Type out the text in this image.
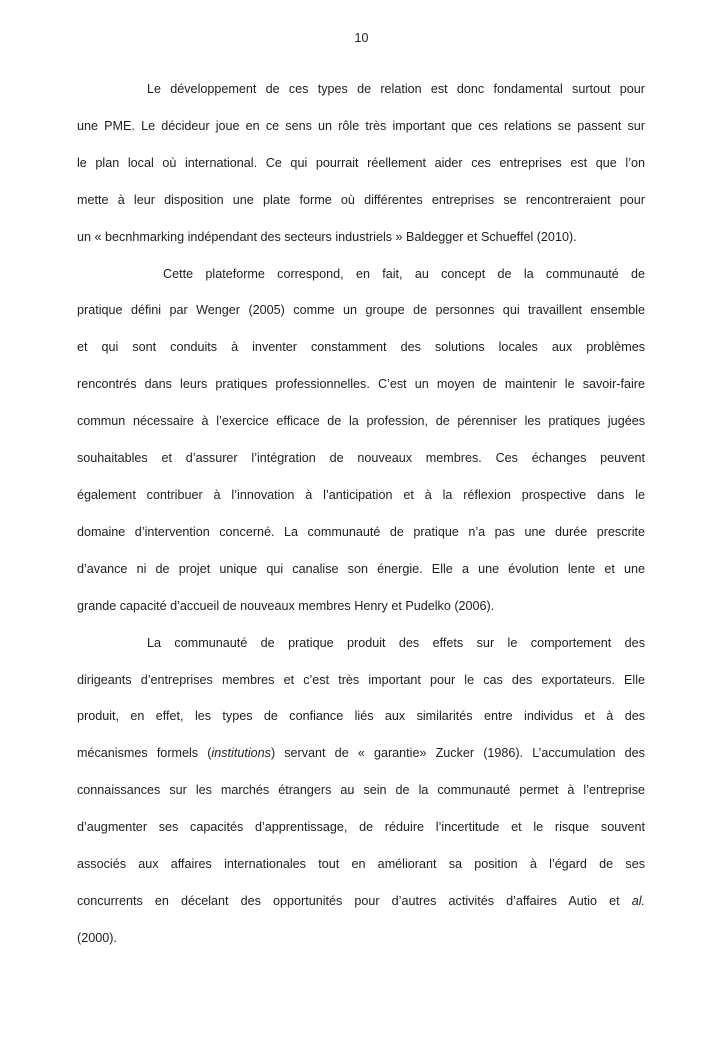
10

Le développement de ces types de relation est donc fondamental surtout pour
une PME. Le décideur joue en ce sens un rôle très important que ces relations se passent sur
le plan local où international. Ce qui pourrait réellement aider ces entreprises est que l’on
mette à leur disposition une plate forme où différentes entreprises se rencontreraient pour
un « becnhmarking indépendant des secteurs industriels » Baldegger et Schueffel (2010).

Cette plateforme correspond, en fait, au concept de la communauté de
pratique défini par Wenger (2005) comme un groupe de personnes qui travaillent ensemble
et qui sont conduits à inventer constamment des solutions locales aux problèmes
rencontrés dans leurs pratiques professionnelles. C’est un moyen de maintenir le savoir-faire
commun nécessaire à l’exercice efficace de la profession, de pérenniser les pratiques jugées
souhaitables et d’assurer l’intégration de nouveaux membres. Ces échanges peuvent
également contribuer à l’innovation à l’anticipation et à la réflexion prospective dans le
domaine d’intervention concerné. La communauté de pratique n’a pas une durée prescrite
d’avance ni de projet unique qui canalise son énergie. Elle a une évolution lente et une
grande capacité d’accueil de nouveaux membres Henry et Pudelko (2006).

La communauté de pratique produit des effets sur le comportement des
dirigeants d’entreprises membres et c’est très important pour le cas des exportateurs. Elle
produit, en effet, les types de confiance liés aux similarités entre individus et à des
mécanismes formels (institutions) servant de « garantie» Zucker (1986). L’accumulation des
connaissances sur les marchés étrangers au sein de la communauté permet à l’entreprise
d’augmenter ses capacités d’apprentissage, de réduire l’incertitude et le risque souvent
associés aux affaires internationales tout en améliorant sa position à l’égard de ses
concurrents en décelant des opportunités pour d’autres activités d’affaires Autio et al.
(2000).
